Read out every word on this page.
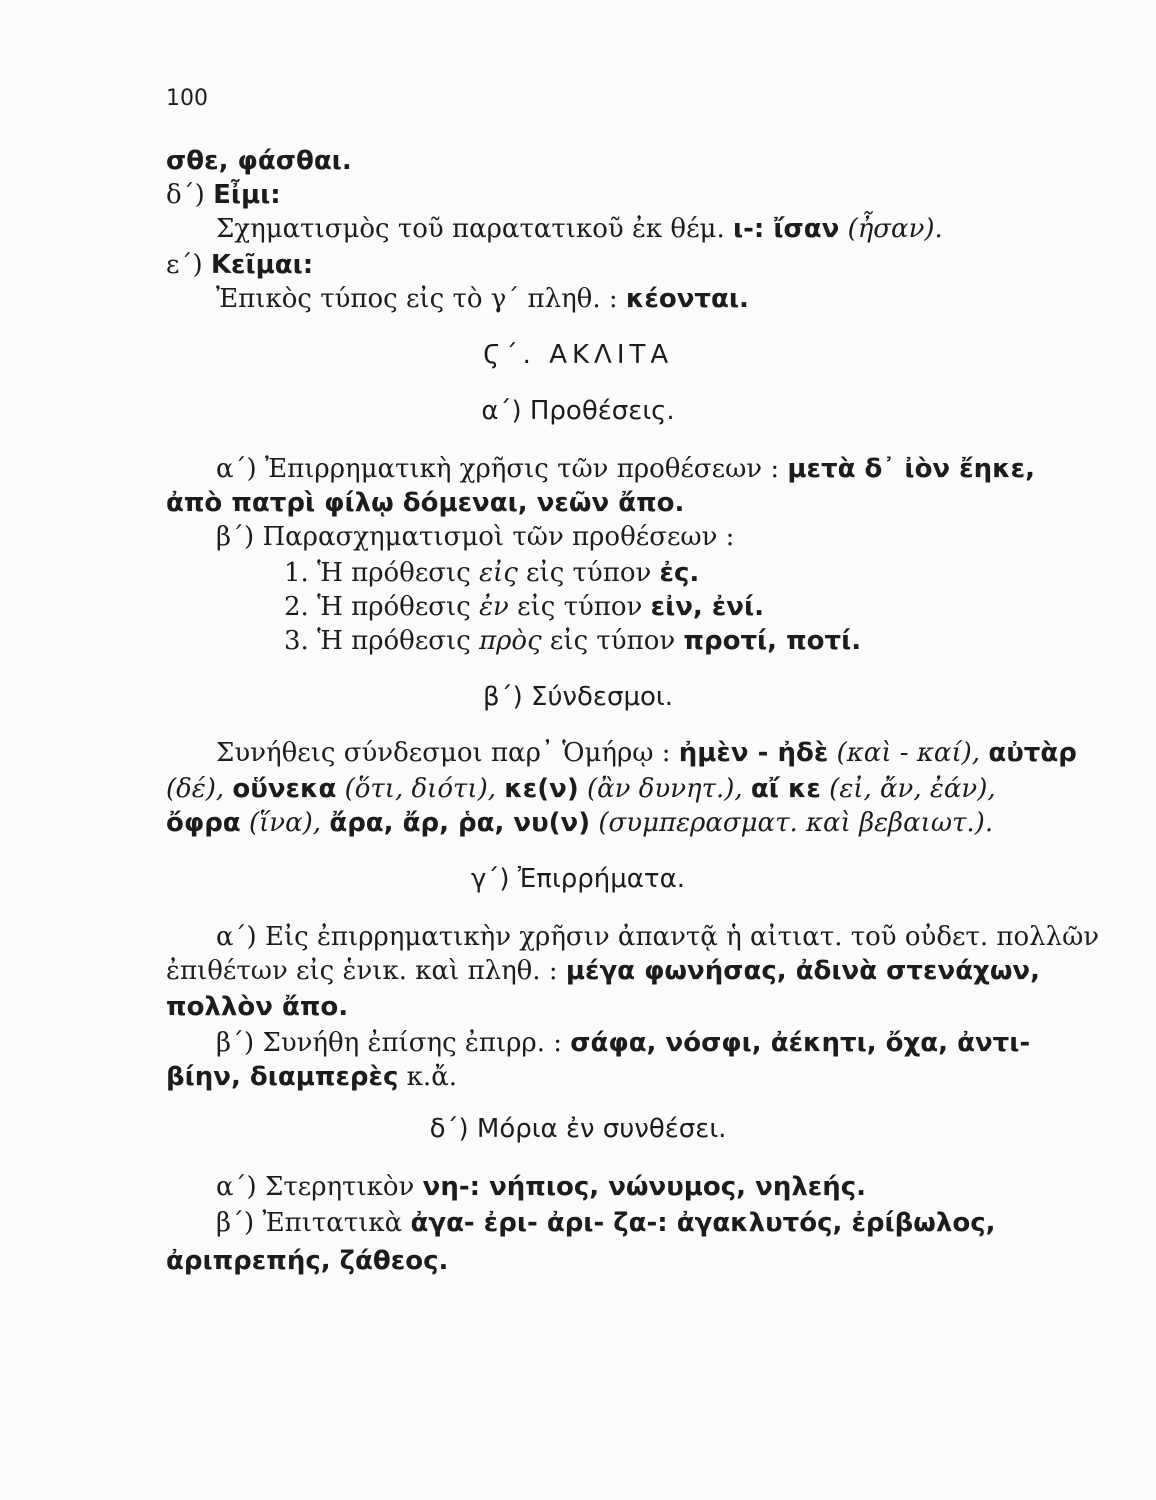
100
σθε, φάσθαι.
δ΄) Εἶμι:
Σχηματισμὸς τοῦ παρατατικοῦ ἐκ θέμ. ι-: ἴσαν (ἦσαν).
ε΄) Κεῖμαι:
Ἐπικὸς τύπος εἰς τὸ γ΄ πληθ. : κέονται.
Ϛ΄. ΑΚΛΙΤΑ
α΄) Προθέσεις.
α΄) Ἐπιρρηματικὴ χρῆσις τῶν προθέσεων : μετὰ δ᾽ ἰὸν ἔηκε,
ἀπὸ πατρὶ φίλῳ δόμεναι, νεῶν ἄπο.
β΄) Παρασχηματισμοὶ τῶν προθέσεων :
1. Ἡ πρόθεσις εἰς εἰς τύπον ἐς.
2. Ἡ πρόθεσις ἐν εἰς τύπον εἰν, ἐνί.
3. Ἡ πρόθεσις πρὸς εἰς τύπον προτί, ποτί.
β΄) Σύνδεσμοι.
Συνήθεις σύνδεσμοι παρ᾽ Ὁμήρῳ : ἠμὲν - ἠδὲ (καὶ - καί), αὐτὰρ
(δέ), οὕνεκα (ὅτι, διότι), κε(ν) (ἂν δυνητ.), αἴ κε (εἰ, ἄν, ἐάν),
ὄφρα (ἵνα), ἄρα, ἄρ, ῥα, νυ(ν) (συμπερασματ. καὶ βεβαιωτ.).
γ΄) Ἐπιρρήματα.
α΄) Εἰς ἐπιρρηματικὴν χρῆσιν ἀπαντᾷ ἡ αἰτιατ. τοῦ οὐδετ. πολλῶν
ἐπιθέτων εἰς ἑνικ. καὶ πληθ. : μέγα φωνήσας, ἀδινὰ στενάχων,
πολλὸν ἄπο.
β΄) Συνήθη ἐπίσης ἐπιρρ. : σάφα, νόσφι, ἀέκητι, ὄχα, ἀντι-
βίην, διαμπερὲς κ.ἄ.
δ΄) Μόρια ἐν συνθέσει.
α΄) Στερητικὸν νη-: νήπιος, νώνυμος, νηλεής.
β΄) Ἐπιτατικὰ ἀγα- ἐρι- ἀρι- ζα-: ἀγακλυτός, ἐρίβωλος,
ἀριπρεπής, ζάθεος.
